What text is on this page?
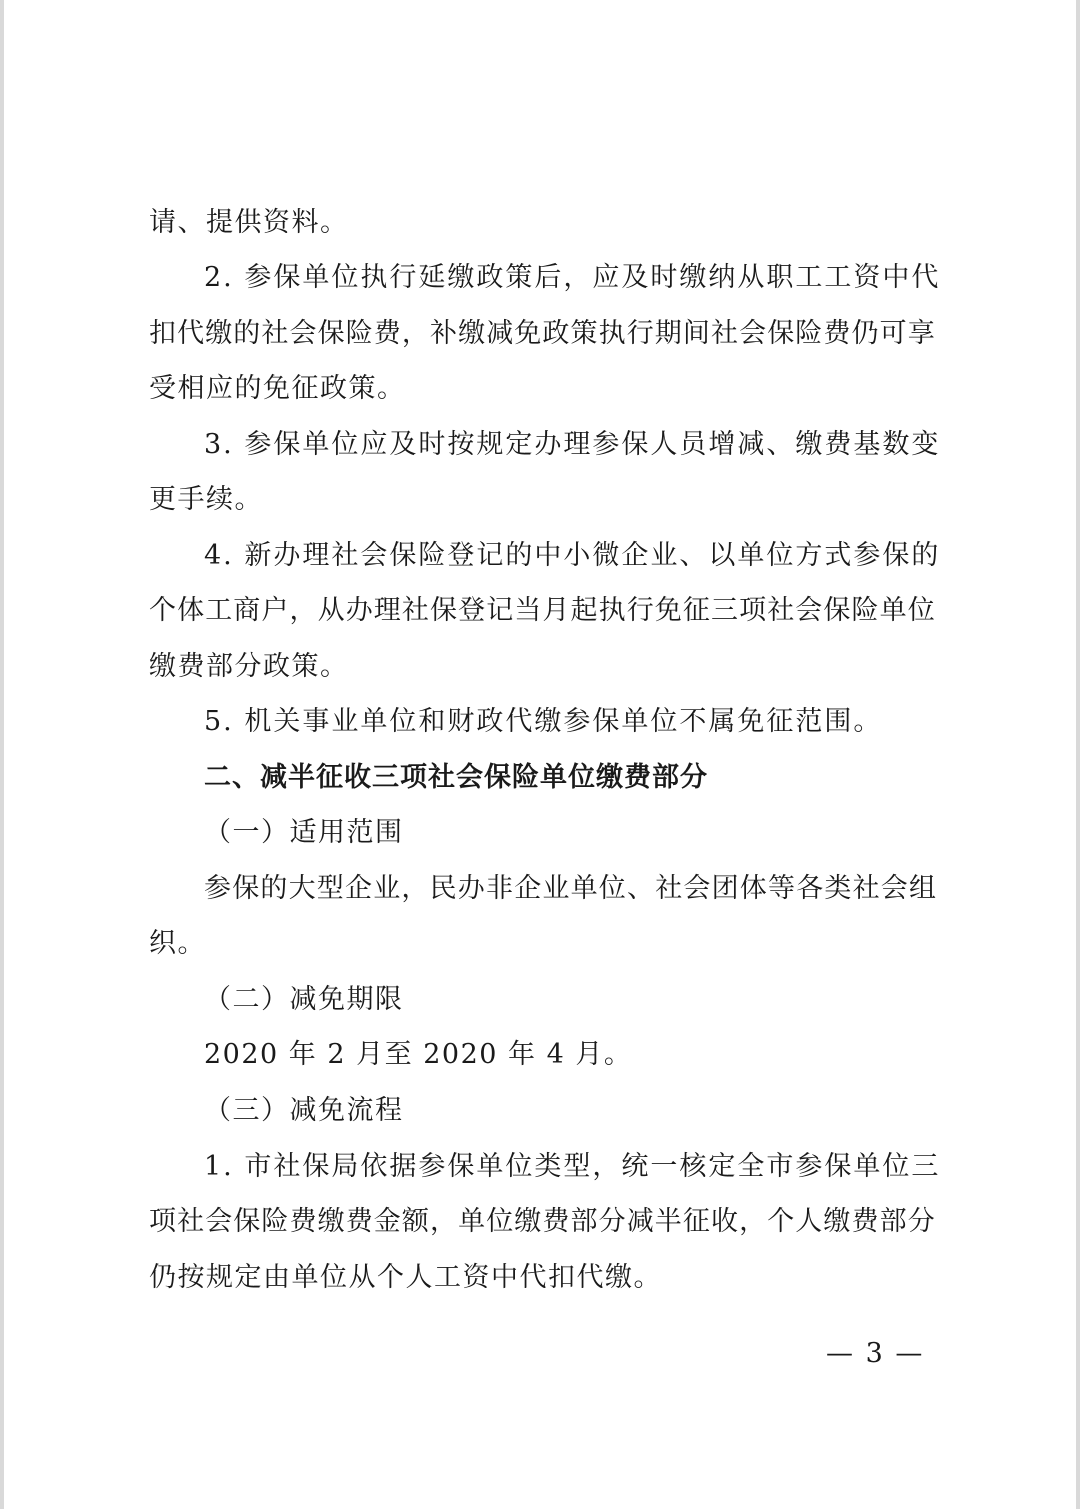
请、提供资料。
2. 参保单位执行延缴政策后，应及时缴纳从职工工资中代
扣代缴的社会保险费，补缴减免政策执行期间社会保险费仍可享
受相应的免征政策。
3. 参保单位应及时按规定办理参保人员增减、缴费基数变
更手续。
4. 新办理社会保险登记的中小微企业、以单位方式参保的
个体工商户，从办理社保登记当月起执行免征三项社会保险单位
缴费部分政策。
5. 机关事业单位和财政代缴参保单位不属免征范围。
二、减半征收三项社会保险单位缴费部分
（一）适用范围
参保的大型企业，民办非企业单位、社会团体等各类社会组
织。
（二）减免期限
2020 年 2 月至 2020 年 4 月。
（三）减免流程
1. 市社保局依据参保单位类型，统一核定全市参保单位三
项社会保险费缴费金额，单位缴费部分减半征收，个人缴费部分
仍按规定由单位从个人工资中代扣代缴。
— 3 —
